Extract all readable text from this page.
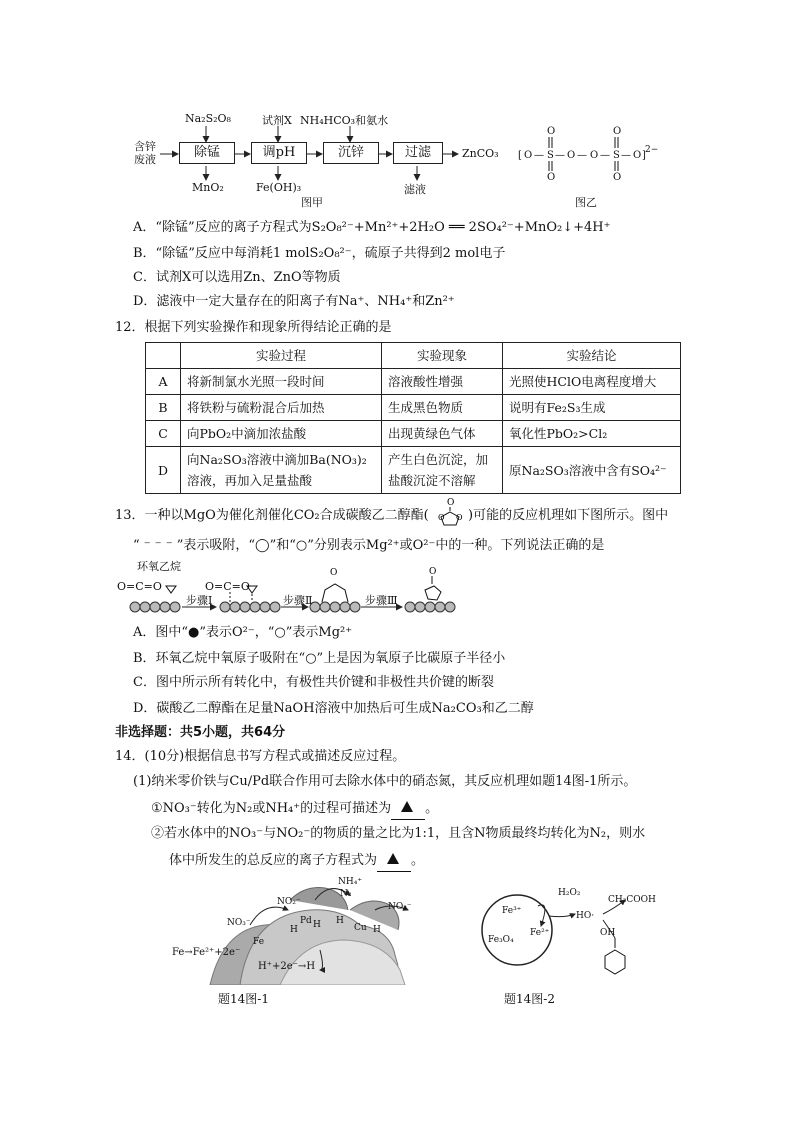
Na₂S₂O₈	试剂X NH₄HCO₃和氨水
含锌废液	除锰	调pH	沉锌	过滤	ZnCO₃
MnO₂	Fe(OH)₃	滤液
图甲
[ O — S — O — O — S — O ]
O	O
O	O
2−
图乙
A．“除锰”反应的离子方程式为S₂O₈²⁻+Mn²⁺+2H₂O ══ 2SO₄²⁻+MnO₂↓+4H⁺
B．“除锰”反应中每消耗1 molS₂O₈²⁻，硫原子共得到2 mol电子
C．试剂X可以选用Zn、ZnO等物质
D．滤液中一定大量存在的阳离子有Na⁺、NH₄⁺和Zn²⁺
12．根据下列实验操作和现象所得结论正确的是
	实验过程	实验现象	实验结论
A	将新制氯水光照一段时间	溶液酸性增强	光照使HClO电离程度增大
B	将铁粉与硫粉混合后加热	生成黑色物质	说明有Fe₂S₃生成
C	向PbO₂中滴加浓盐酸	出现黄绿色气体	氧化性PbO₂>Cl₂
D	向Na₂SO₃溶液中滴加Ba(NO₃)₂溶液，再加入足量盐酸	产生白色沉淀，加盐酸沉淀不溶解	原Na₂SO₃溶液中含有SO₄²⁻
13．一种以MgO为催化剂催化CO₂合成碳酸乙二醇酯(
O
O O )可能的反应机理如下图所示。图中
“ ⁻ ⁻ ⁻ ”表示吸附，“◯”和“○”分别表示Mg²⁺或O²⁻中的一种。下列说法正确的是
环氧乙烷
O=C=O	O=C=O
O	O
步骤Ⅰ	步骤Ⅱ	步骤Ⅲ
A．图中“●”表示O²⁻，“○”表示Mg²⁺
B．环氧乙烷中氧原子吸附在“○”上是因为氧原子比碳原子半径小
C．图中所示所有转化中，有极性共价键和非极性共价键的断裂
D．碳酸乙二醇酯在足量NaOH溶液中加热后可生成Na₂CO₃和乙二醇
非选择题：共5小题，共64分
14．(10分)根据信息书写方程式或描述反应过程。
(1)纳米零价铁与Cu/Pd联合作用可去除水体中的硝态氮，其反应机理如题14图-1所示。
①NO₃⁻转化为N₂或NH₄⁺的过程可描述为	。
②若水体中的NO₃⁻与NO₂⁻的物质的量之比为1:1，且含N物质最终均转化为N₂，则水
体中所发生的总反应的离子方程式为	。
NO₂⁻
NH₄⁺
N₂
NO₂⁻
NO₃⁻
Fe
H
Pd H H
Cu H
Fe→Fe²⁺+2e⁻
H⁺+2e⁻→H
题14图-1
H₂O₂
Fe³⁺
Fe²⁺
Fe₃O₄
HO·
CH₃COOH
OH
题14图-2
